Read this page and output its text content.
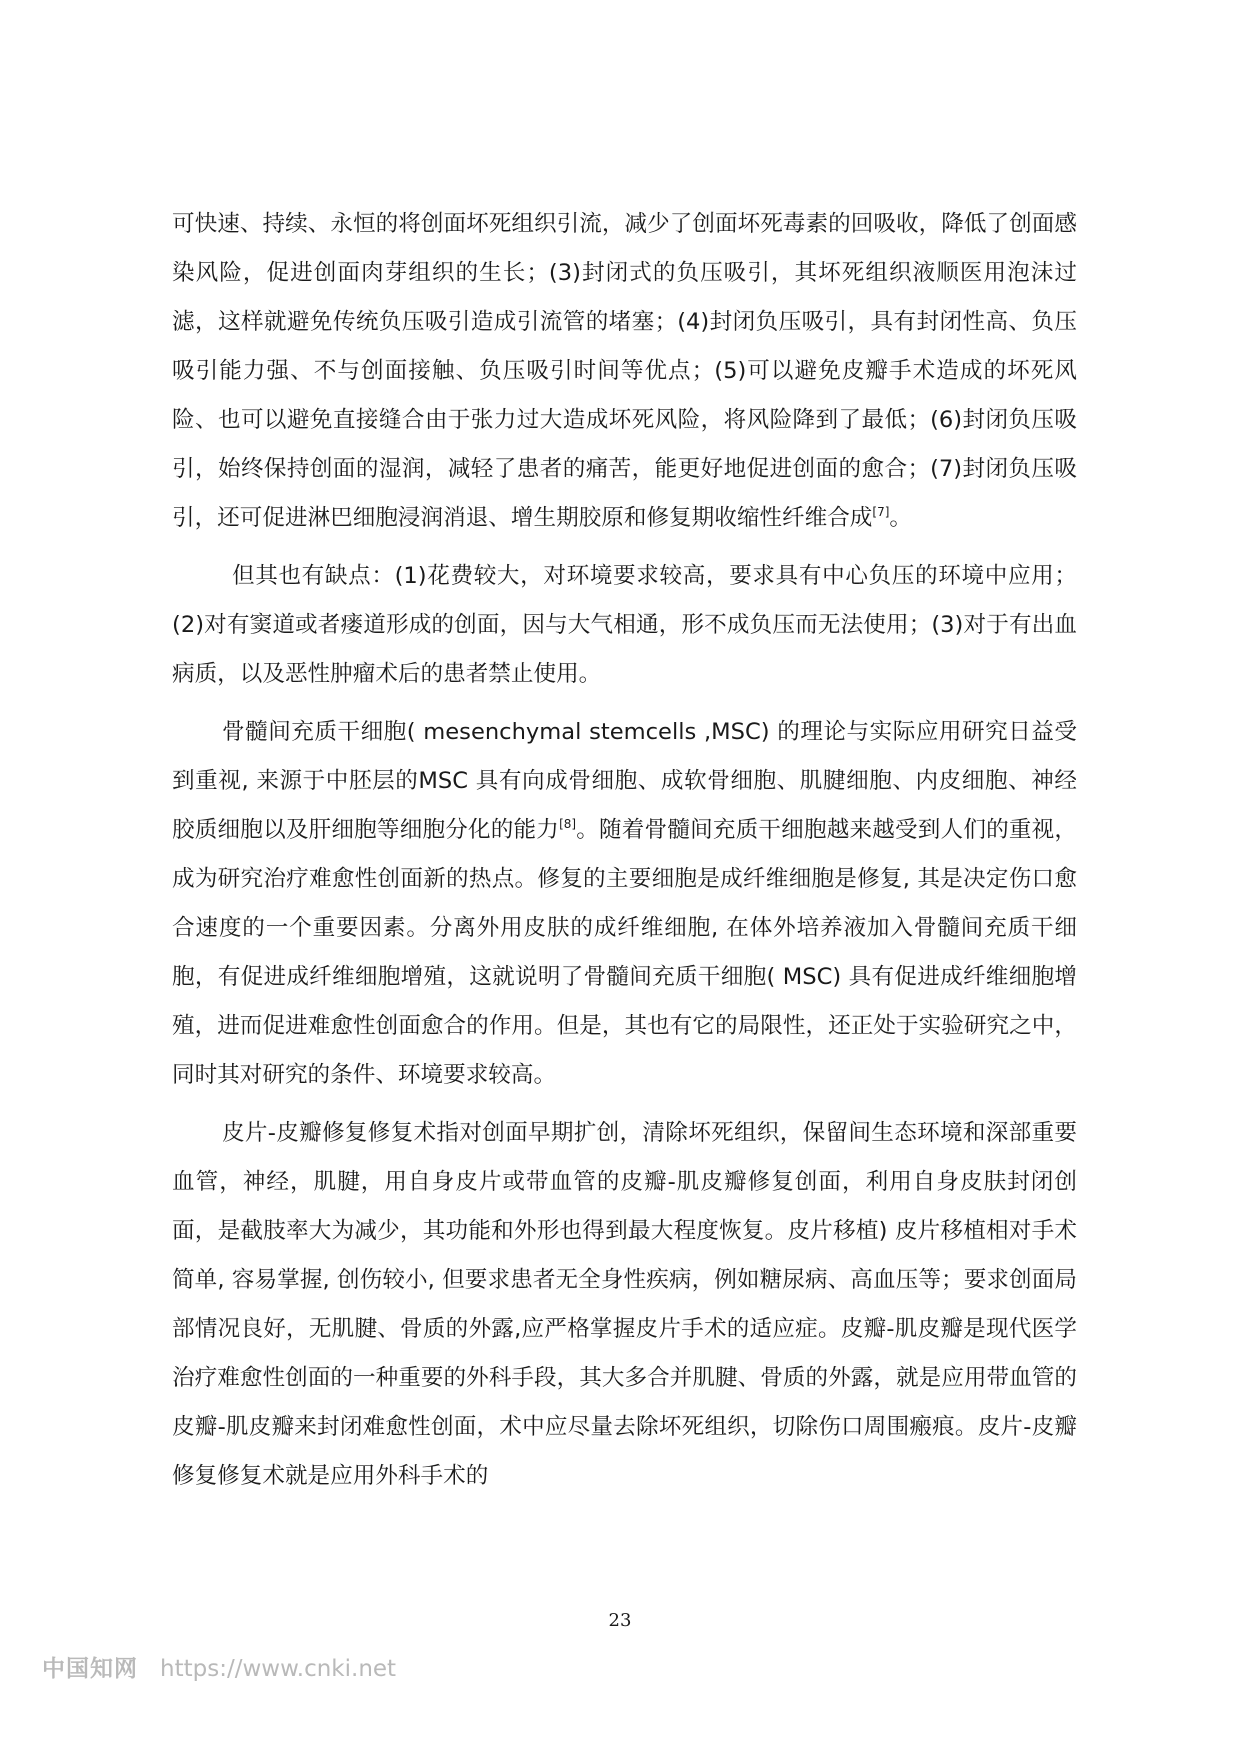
可快速、持续、永恒的将创面坏死组织引流，减少了创面坏死毒素的回吸收，降低了创面感染风险，促进创面肉芽组织的生长；(3)封闭式的负压吸引，其坏死组织液顺医用泡沫过滤，这样就避免传统负压吸引造成引流管的堵塞；(4)封闭负压吸引，具有封闭性高、负压吸引能力强、不与创面接触、负压吸引时间等优点；(5)可以避免皮瓣手术造成的坏死风险、也可以避免直接缝合由于张力过大造成坏死风险，将风险降到了最低；(6)封闭负压吸引，始终保持创面的湿润，减轻了患者的痛苦，能更好地促进创面的愈合；(7)封闭负压吸引，还可促进淋巴细胞浸润消退、增生期胶原和修复期收缩性纤维合成[7]。

但其也有缺点：(1)花费较大，对环境要求较高，要求具有中心负压的环境中应用；(2)对有窦道或者瘘道形成的创面，因与大气相通，形不成负压而无法使用；(3)对于有出血病质，以及恶性肿瘤术后的患者禁止使用。

骨髓间充质干细胞( mesenchymal stemcells ,MSC) 的理论与实际应用研究日益受到重视, 来源于中胚层的MSC 具有向成骨细胞、成软骨细胞、肌腱细胞、内皮细胞、神经胶质细胞以及肝细胞等细胞分化的能力[8]。随着骨髓间充质干细胞越来越受到人们的重视，成为研究治疗难愈性创面新的热点。修复的主要细胞是成纤维细胞是修复, 其是决定伤口愈合速度的一个重要因素。分离外用皮肤的成纤维细胞, 在体外培养液加入骨髓间充质干细胞，有促进成纤维细胞增殖，这就说明了骨髓间充质干细胞( MSC) 具有促进成纤维细胞增殖，进而促进难愈性创面愈合的作用。但是，其也有它的局限性，还正处于实验研究之中，同时其对研究的条件、环境要求较高。

皮片-皮瓣修复修复术指对创面早期扩创，清除坏死组织，保留间生态环境和深部重要血管，神经，肌腱，用自身皮片或带血管的皮瓣-肌皮瓣修复创面，利用自身皮肤封闭创面，是截肢率大为减少，其功能和外形也得到最大程度恢复。皮片移植) 皮片移植相对手术简单, 容易掌握, 创伤较小, 但要求患者无全身性疾病，例如糖尿病、高血压等；要求创面局部情况良好，无肌腱、骨质的外露,应严格掌握皮片手术的适应症。皮瓣-肌皮瓣是现代医学治疗难愈性创面的一种重要的外科手段，其大多合并肌腱、骨质的外露，就是应用带血管的皮瓣-肌皮瓣来封闭难愈性创面，术中应尽量去除坏死组织，切除伤口周围瘢痕。皮片-皮瓣修复修复术就是应用外科手术的

23
中国知网 https://www.cnki.net
